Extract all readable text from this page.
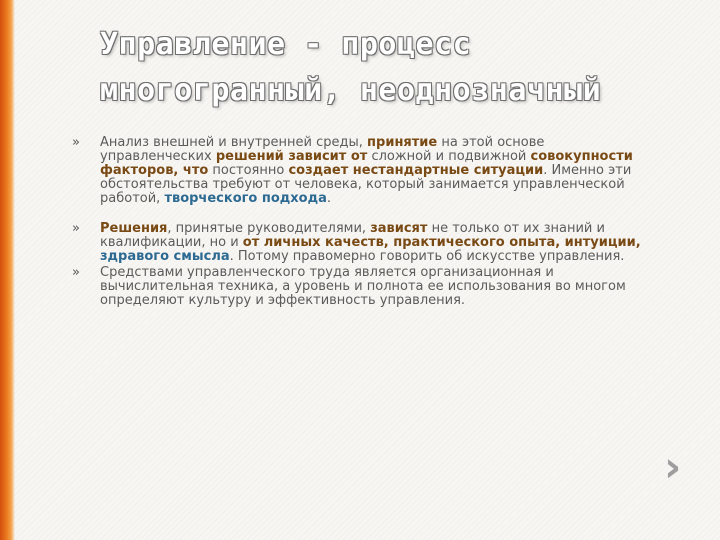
Управление - процесс
многогранный, неоднозначный
» Анализ внешней и внутренней среды, принятие на этой основе управленческих решений зависит от сложной и подвижной совокупности факторов, что постоянно создает нестандартные ситуации. Именно эти обстоятельства требуют от человека, который занимается управленческой работой, творческого подхода.
» Решения, принятые руководителями, зависят не только от их знаний и квалификации, но и от личных качеств, практического опыта, интуиции, здравого смысла. Потому правомерно говорить об искусстве управления.
» Средствами управленческого труда является организационная и вычислительная техника, а уровень и полнота ее использования во многом определяют культуру и эффективность управления.
›
